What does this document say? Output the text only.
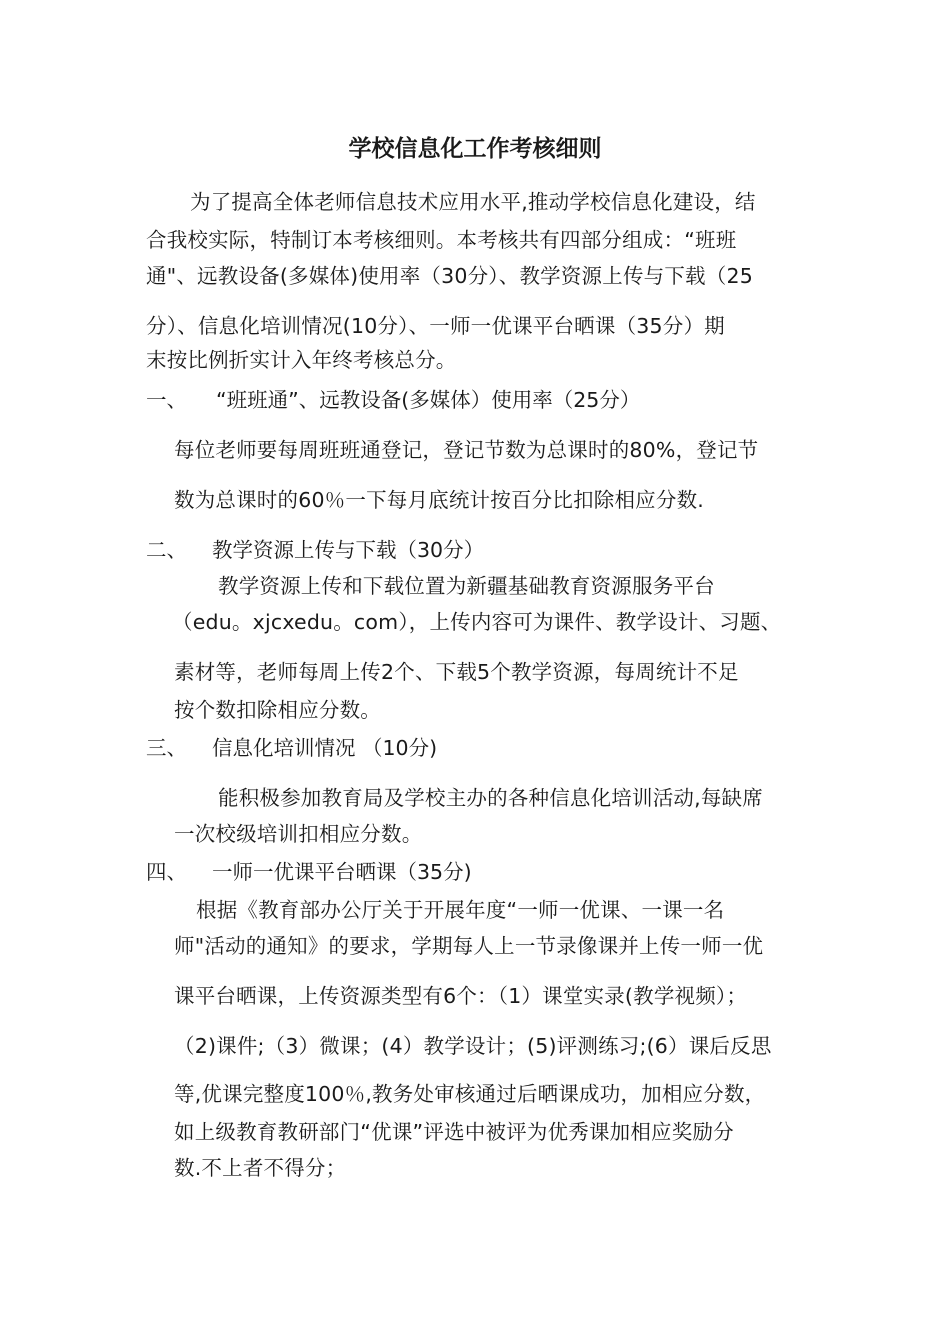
学校信息化工作考核细则
为了提高全体老师信息技术应用水平,推动学校信息化建设，结
合我校实际，特制订本考核细则。本考核共有四部分组成：“班班
通"、远教设备(多媒体)使用率（30分）、教学资源上传与下载（25
分）、信息化培训情况(10分）、一师一优课平台晒课（35分）期
末按比例折实计入年终考核总分。
一、 “班班通”、远教设备(多媒体）使用率（25分）
每位老师要每周班班通登记，登记节数为总课时的80%，登记节
数为总课时的60％一下每月底统计按百分比扣除相应分数.
二、 教学资源上传与下载（30分）
教学资源上传和下载位置为新疆基础教育资源服务平台
（edu。xjcxedu。com），上传内容可为课件、教学设计、习题、
素材等，老师每周上传2个、下载5个教学资源，每周统计不足
按个数扣除相应分数。
三、 信息化培训情况 （10分)
能积极参加教育局及学校主办的各种信息化培训活动,每缺席
一次校级培训扣相应分数。
四、 一师一优课平台晒课（35分)
根据《教育部办公厅关于开展年度“一师一优课、一课一名
师"活动的通知》的要求，学期每人上一节录像课并上传一师一优
课平台晒课，上传资源类型有6个：（1）课堂实录(教学视频）；
（2)课件;（3）微课；(4）教学设计；(5)评测练习;(6）课后反思
等,优课完整度100％,教务处审核通过后晒课成功，加相应分数，
如上级教育教研部门“优课”评选中被评为优秀课加相应奖励分
数.不上者不得分；
